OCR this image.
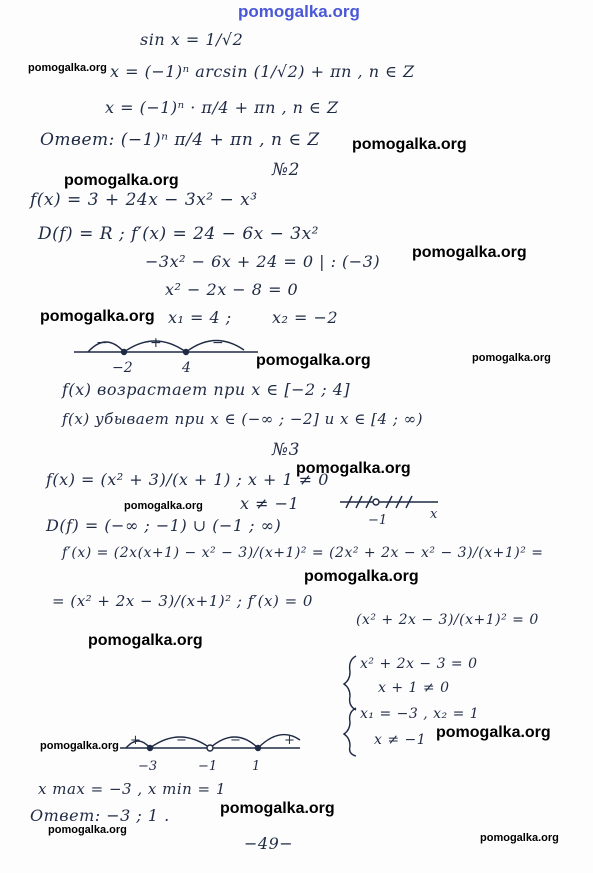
sin x = 1/√2
x = (−1)ⁿ arcsin (1/√2) + πn , n ∈ Z
x = (−1)ⁿ · π/4 + πn , n ∈ Z
Ответ: (−1)ⁿ π/4 + πn , n ∈ Z
№2
f(x) = 3 + 24x − 3x² − x³
D(f) = R ; f′(x) = 24 − 6x − 3x²
−3x² − 6x + 24 = 0 | : (−3)
x² − 2x − 8 = 0
x₁ = 4 ;	x₂ = −2
f(x) возрастает при x ∈ [−2 ; 4]
f(x) убывает при x ∈ (−∞ ; −2] и x ∈ [4 ; ∞)
№3
f(x) = (x² + 3)/(x + 1) ; x + 1 ≠ 0
x ≠ −1
D(f) = (−∞ ; −1) ∪ (−1 ; ∞)
f′(x) = (2x(x+1) − x² − 3)/(x+1)² = (2x² + 2x − x² − 3)/(x+1)² =
= (x² + 2x − 3)/(x+1)² ; f′(x) = 0
(x² + 2x − 3)/(x+1)² = 0
x² + 2x − 3 = 0
x + 1 ≠ 0
x₁ = −3 , x₂ = 1
x ≠ −1
x max = −3 , x min = 1
Ответ: −3 ; 1 .
−49−
−	+	−
−2	4
−1	x
+	−	−	+
−3	−1	1
pomogalka.org
pomogalka.org
pomogalka.org
pomogalka.org
pomogalka.org
pomogalka.org
pomogalka.org	pomogalka.org
pomogalka.org
pomogalka.org
pomogalka.org
pomogalka.org
pomogalka.org
pomogalka.org
pomogalka.org
pomogalka.org
pomogalka.org
